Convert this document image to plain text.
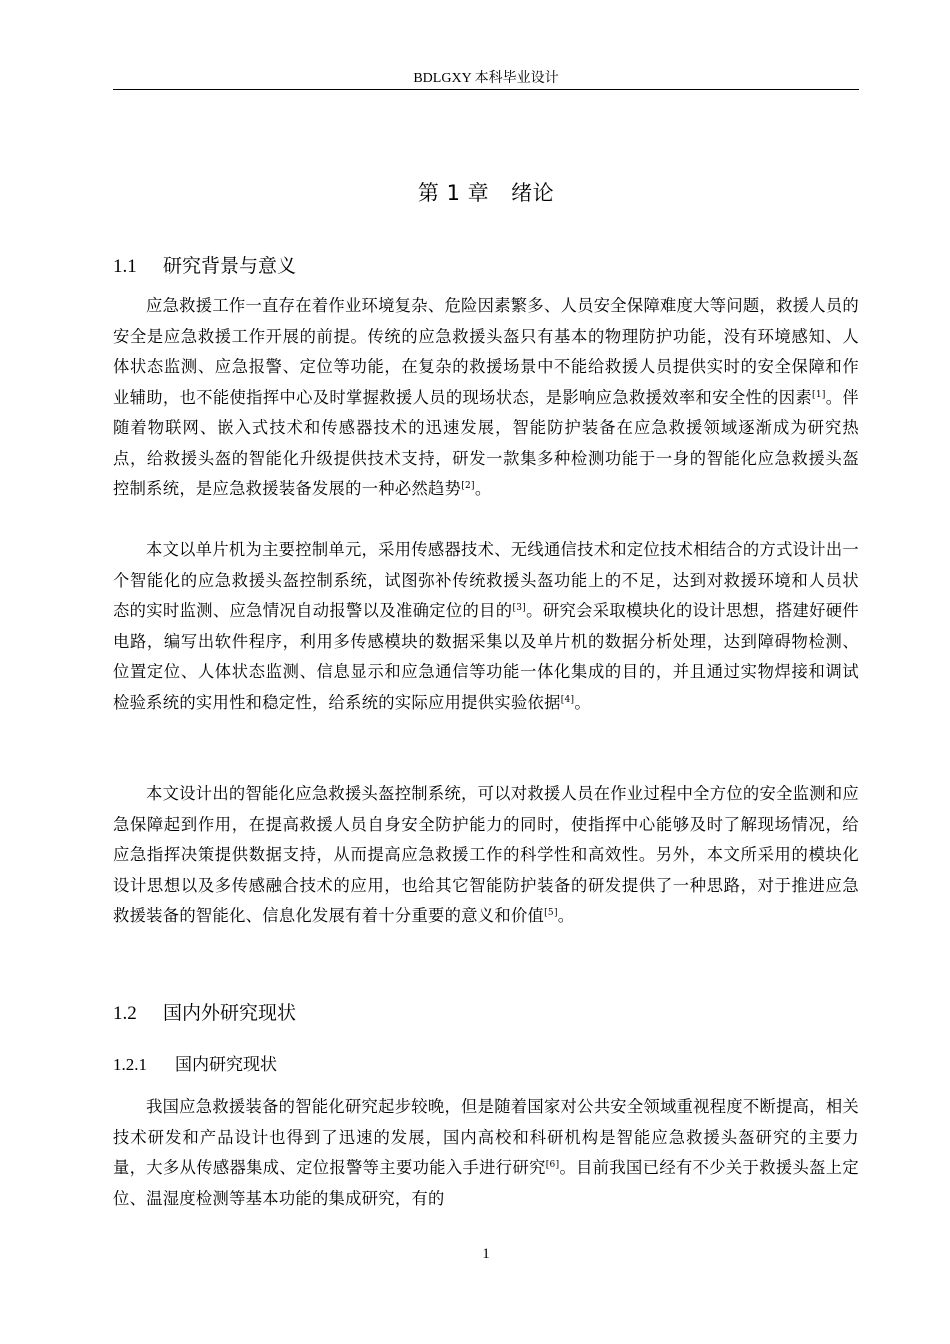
BDLGXY 本科毕业设计
第 1 章 绪论
1.1 研究背景与意义

应急救援工作一直存在着作业环境复杂、危险因素繁多、人员安全保障难度大等问题，救援人员的安全是应急救援工作开展的前提。传统的应急救援头盔只有基本的物理防护功能，没有环境感知、人体状态监测、应急报警、定位等功能，在复杂的救援场景中不能给救援人员提供实时的安全保障和作业辅助，也不能使指挥中心及时掌握救援人员的现场状态，是影响应急救援效率和安全性的因素[1]。伴随着物联网、嵌入式技术和传感器技术的迅速发展，智能防护装备在应急救援领域逐渐成为研究热点，给救援头盔的智能化升级提供技术支持，研发一款集多种检测功能于一身的智能化应急救援头盔控制系统，是应急救援装备发展的一种必然趋势[2]。

本文以单片机为主要控制单元，采用传感器技术、无线通信技术和定位技术相结合的方式设计出一个智能化的应急救援头盔控制系统，试图弥补传统救援头盔功能上的不足，达到对救援环境和人员状态的实时监测、应急情况自动报警以及准确定位的目的[3]。研究会采取模块化的设计思想，搭建好硬件电路，编写出软件程序，利用多传感模块的数据采集以及单片机的数据分析处理，达到障碍物检测、位置定位、人体状态监测、信息显示和应急通信等功能一体化集成的目的，并且通过实物焊接和调试检验系统的实用性和稳定性，给系统的实际应用提供实验依据[4]。

本文设计出的智能化应急救援头盔控制系统，可以对救援人员在作业过程中全方位的安全监测和应急保障起到作用，在提高救援人员自身安全防护能力的同时，使指挥中心能够及时了解现场情况，给应急指挥决策提供数据支持，从而提高应急救援工作的科学性和高效性。另外，本文所采用的模块化设计思想以及多传感融合技术的应用，也给其它智能防护装备的研发提供了一种思路，对于推进应急救援装备的智能化、信息化发展有着十分重要的意义和价值[5]。

1.2 国内外研究现状
1.2.1 国内研究现状

我国应急救援装备的智能化研究起步较晚，但是随着国家对公共安全领域重视程度不断提高，相关技术研发和产品设计也得到了迅速的发展，国内高校和科研机构是智能应急救援头盔研究的主要力量，大多从传感器集成、定位报警等主要功能入手进行研究[6]。目前我国已经有不少关于救援头盔上定位、温湿度检测等基本功能的集成研究，有的

1
